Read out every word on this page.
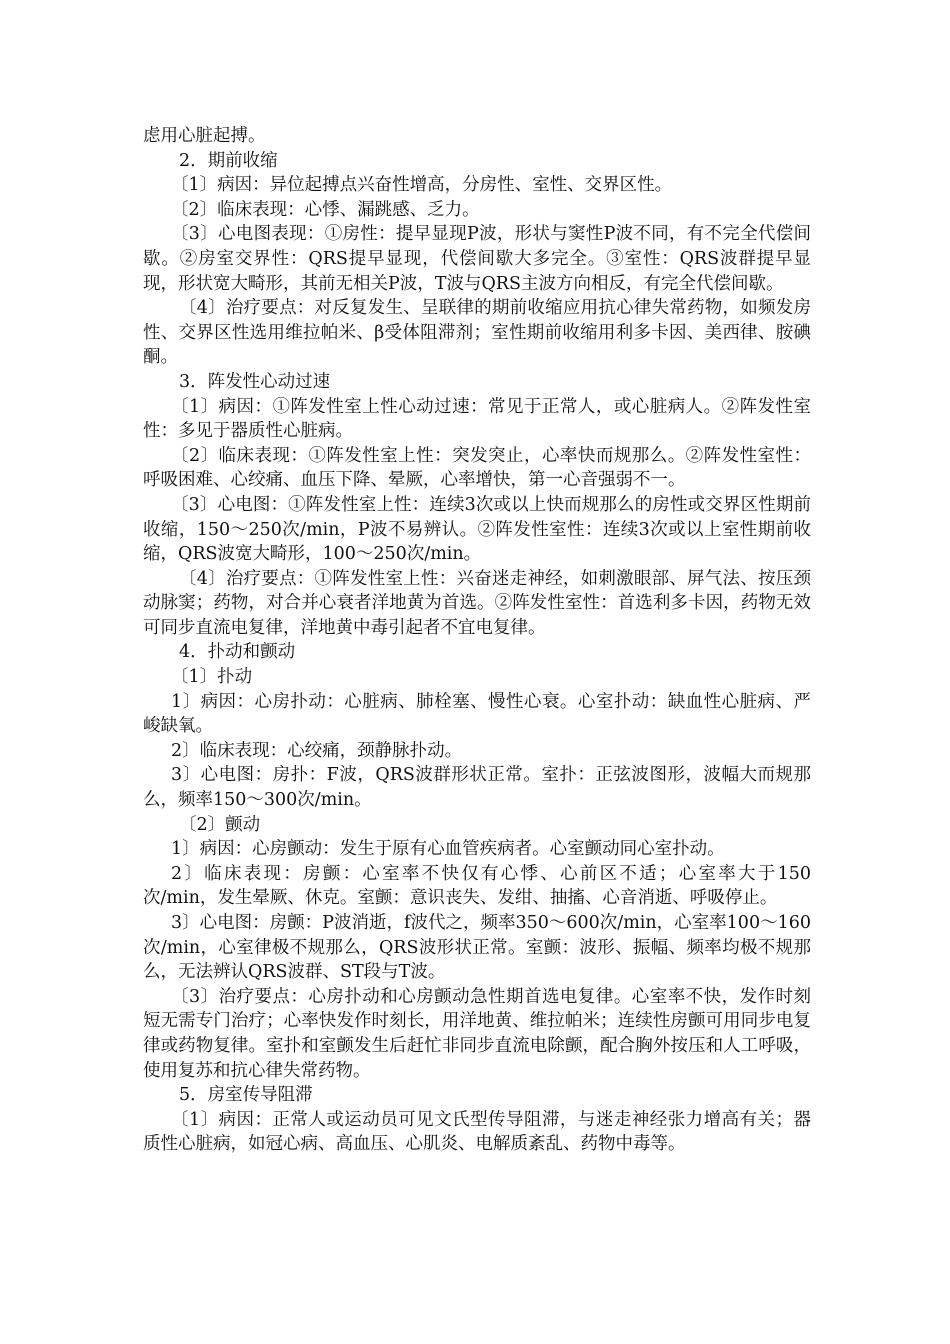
虑用心脏起搏。

2．期前收缩

〔1〕病因：异位起搏点兴奋性增高，分房性、室性、交界区性。

〔2〕临床表现：心悸、漏跳感、乏力。

〔3〕心电图表现：①房性：提早显现P波，形状与窦性P波不同，有不完全代偿间歇。②房室交界性：QRS提早显现，代偿间歇大多完全。③室性：QRS波群提早显现，形状宽大畸形，其前无相关P波，T波与QRS主波方向相反，有完全代偿间歇。

〔4〕治疗要点：对反复发生、呈联律的期前收缩应用抗心律失常药物，如频发房性、交界区性选用维拉帕米、β受体阻滞剂；室性期前收缩用利多卡因、美西律、胺碘酮。

3．阵发性心动过速

〔1〕病因：①阵发性室上性心动过速：常见于正常人，或心脏病人。②阵发性室性：多见于器质性心脏病。

〔2〕临床表现：①阵发性室上性：突发突止，心率快而规那么。②阵发性室性：呼吸困难、心绞痛、血压下降、晕厥，心率增快，第一心音强弱不一。

〔3〕心电图：①阵发性室上性：连续3次或以上快而规那么的房性或交界区性期前收缩，150～250次/min，P波不易辨认。②阵发性室性：连续3次或以上室性期前收缩，QRS波宽大畸形，100～250次/min。

〔4〕治疗要点：①阵发性室上性：兴奋迷走神经，如刺激眼部、屏气法、按压颈动脉窦；药物，对合并心衰者洋地黄为首选。②阵发性室性：首选利多卡因，药物无效可同步直流电复律，洋地黄中毒引起者不宜电复律。

4．扑动和颤动

〔1〕扑动

1〕病因：心房扑动：心脏病、肺栓塞、慢性心衰。心室扑动：缺血性心脏病、严峻缺氧。

2〕临床表现：心绞痛，颈静脉扑动。

3〕心电图：房扑：F波，QRS波群形状正常。室扑：正弦波图形，波幅大而规那么，频率150～300次/min。

〔2〕颤动

1〕病因：心房颤动：发生于原有心血管疾病者。心室颤动同心室扑动。

2〕临床表现：房颤：心室率不快仅有心悸、心前区不适；心室率大于150次/min，发生晕厥、休克。室颤：意识丧失、发绀、抽搐、心音消逝、呼吸停止。

3〕心电图：房颤：P波消逝，f波代之，频率350～600次/min，心室率100～160次/min，心室律极不规那么，QRS波形状正常。室颤：波形、振幅、频率均极不规那么，无法辨认QRS波群、ST段与T波。

〔3〕治疗要点：心房扑动和心房颤动急性期首选电复律。心室率不快，发作时刻短无需专门治疗；心率快发作时刻长，用洋地黄、维拉帕米；连续性房颤可用同步电复律或药物复律。室扑和室颤发生后赶忙非同步直流电除颤，配合胸外按压和人工呼吸，使用复苏和抗心律失常药物。

5．房室传导阻滞

〔1〕病因：正常人或运动员可见文氏型传导阻滞，与迷走神经张力增高有关；器质性心脏病，如冠心病、高血压、心肌炎、电解质紊乱、药物中毒等。
